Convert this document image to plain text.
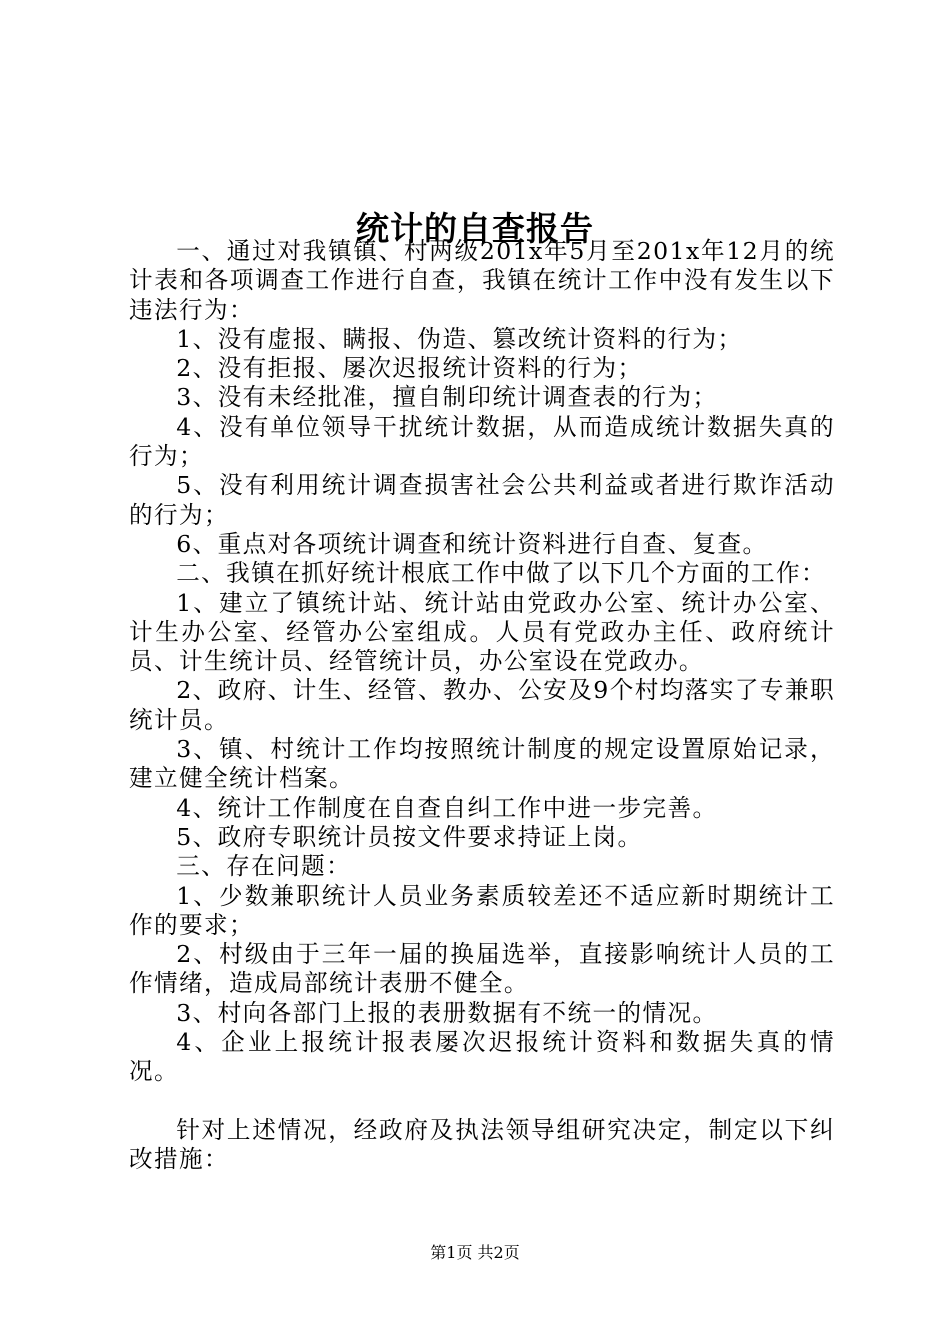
统计的自查报告

一、通过对我镇镇、村两级201x年5月至201x年12月的统计表和各项调查工作进行自查，我镇在统计工作中没有发生以下违法行为：

1、没有虚报、瞒报、伪造、篡改统计资料的行为；

2、没有拒报、屡次迟报统计资料的行为；

3、没有未经批准，擅自制印统计调查表的行为；

4、没有单位领导干扰统计数据，从而造成统计数据失真的行为；

5、没有利用统计调查损害社会公共利益或者进行欺诈活动的行为；

6、重点对各项统计调查和统计资料进行自查、复查。

二、我镇在抓好统计根底工作中做了以下几个方面的工作：

1、建立了镇统计站、统计站由党政办公室、统计办公室、计生办公室、经管办公室组成。人员有党政办主任、政府统计员、计生统计员、经管统计员，办公室设在党政办。

2、政府、计生、经管、教办、公安及9个村均落实了专兼职统计员。

3、镇、村统计工作均按照统计制度的规定设置原始记录，建立健全统计档案。

4、统计工作制度在自查自纠工作中进一步完善。

5、政府专职统计员按文件要求持证上岗。

三、存在问题：

1、少数兼职统计人员业务素质较差还不适应新时期统计工作的要求；

2、村级由于三年一届的换届选举，直接影响统计人员的工作情绪，造成局部统计表册不健全。

3、村向各部门上报的表册数据有不统一的情况。

4、企业上报统计报表屡次迟报统计资料和数据失真的情况。

针对上述情况，经政府及执法领导组研究决定，制定以下纠改措施：

第1页 共2页
